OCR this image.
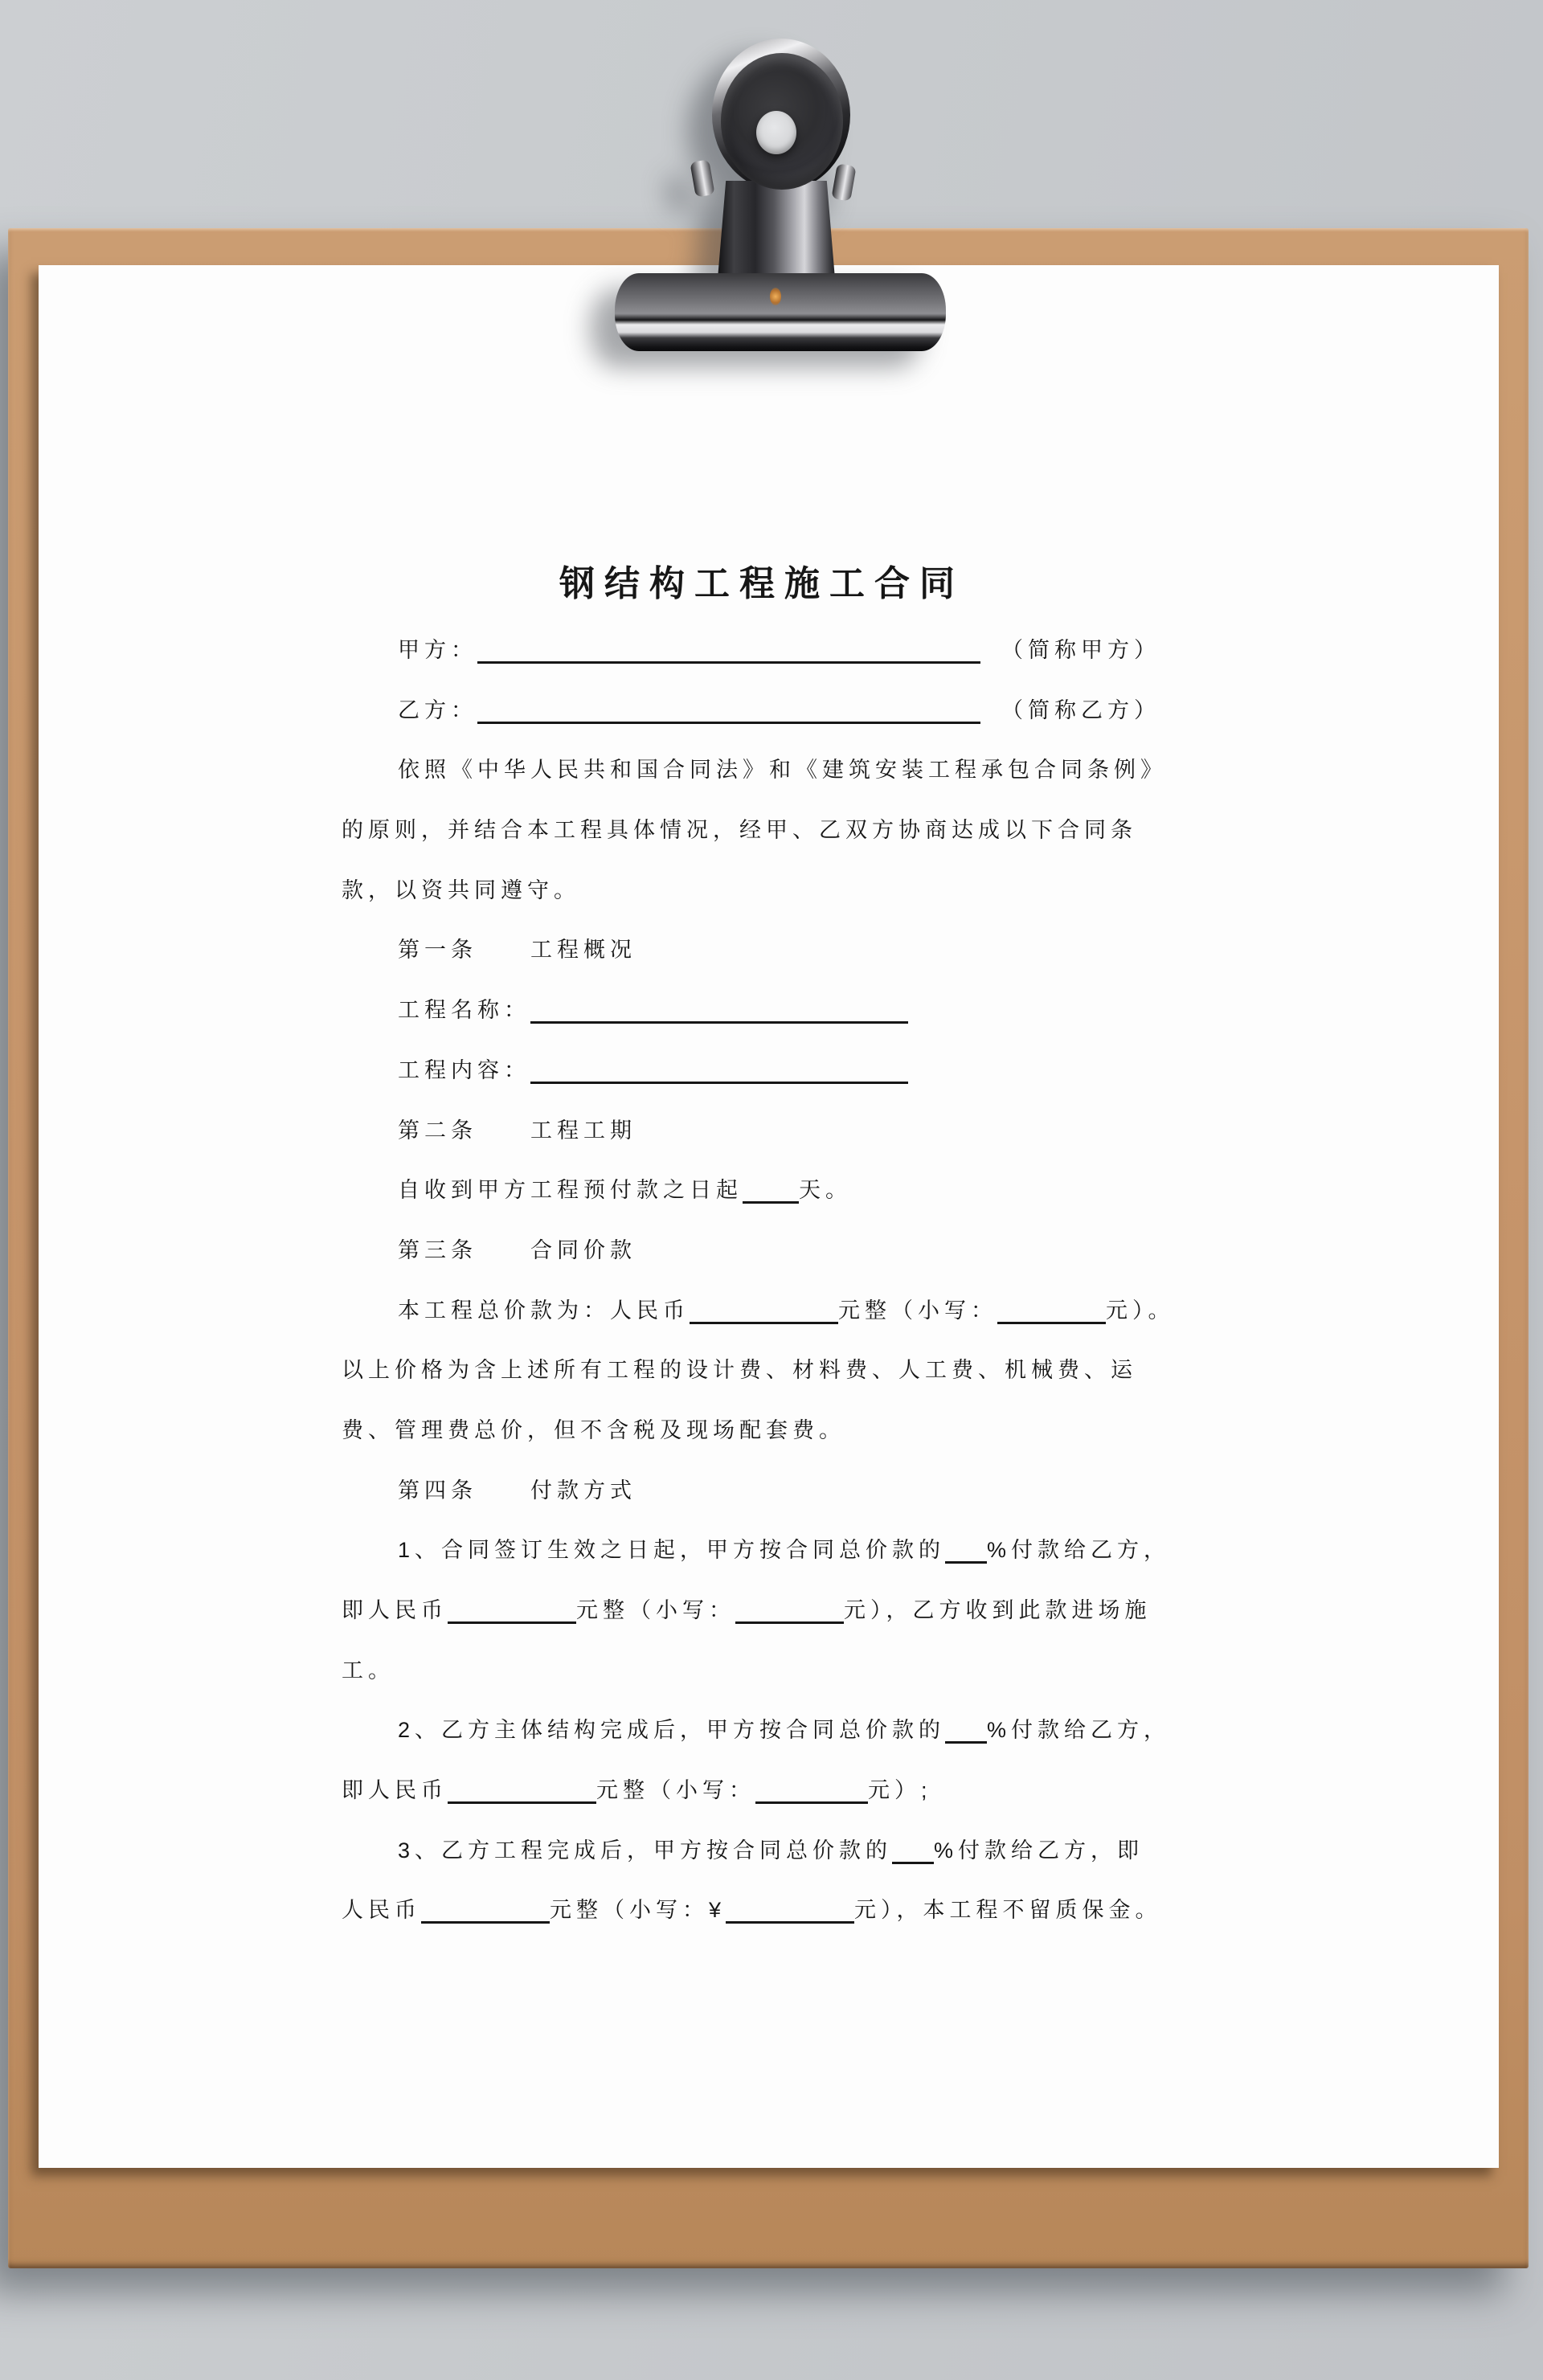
钢结构工程施工合同
甲方：	（简称甲方）
乙方：	（简称乙方）
依照《中华人民共和国合同法》和《建筑安装工程承包合同条例》
的原则，并结合本工程具体情况，经甲、乙双方协商达成以下合同条
款，以资共同遵守。
第一条 工程概况
工程名称：
工程内容：
第二条 工程工期
自收到甲方工程预付款之日起	天。
第三条 合同价款
本工程总价款为：人民币	元整（小写：	元）。
以上价格为含上述所有工程的设计费、材料费、人工费、机械费、运
费、管理费总价，但不含税及现场配套费。
第四条 付款方式
1、合同签订生效之日起，甲方按合同总价款的 %付款给乙方，
即人民币	元整（小写：	元），乙方收到此款进场施
工。
2、乙方主体结构完成后，甲方按合同总价款的 %付款给乙方，
即人民币	元整（小写：	元）;
3、乙方工程完成后，甲方按合同总价款的 %付款给乙方，即
人民币	元整（小写：¥	元），本工程不留质保金。
